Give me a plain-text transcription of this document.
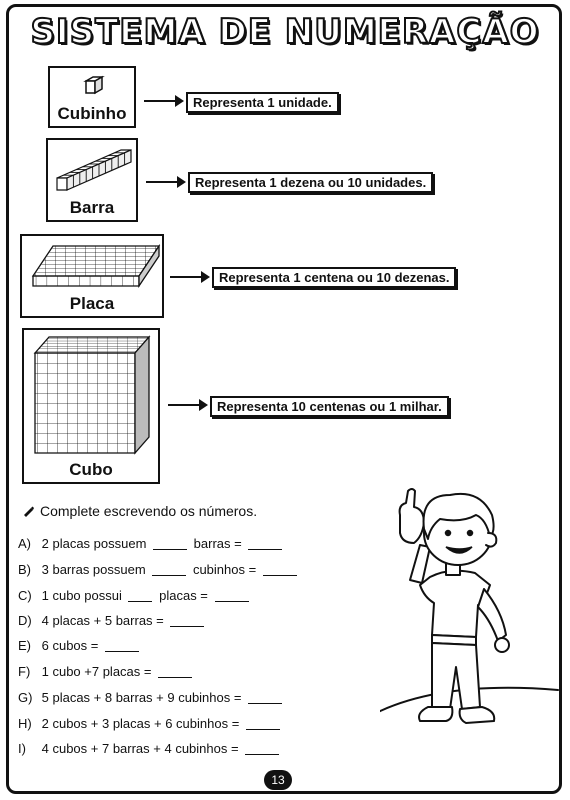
SISTEMA DE NUMERAÇÃO
Cubinho
Representa 1 unidade.
Barra
Representa 1 dezena ou 10 unidades.
Placa
Representa 1 centena ou 10 dezenas.
Cubo
Representa 10 centenas ou 1 milhar.
Complete escrevendo os números.
A) 2 placas possuem	barras =
B) 3 barras possuem	cubinhos =
C) 1 cubo possui	placas =
D) 4 placas + 5 barras =
E) 6 cubos =
F) 1 cubo +7 placas =
G) 5 placas + 8 barras + 9 cubinhos =
H) 2 cubos + 3 placas + 6 cubinhos =
I) 4 cubos + 7 barras + 4 cubinhos =
13
